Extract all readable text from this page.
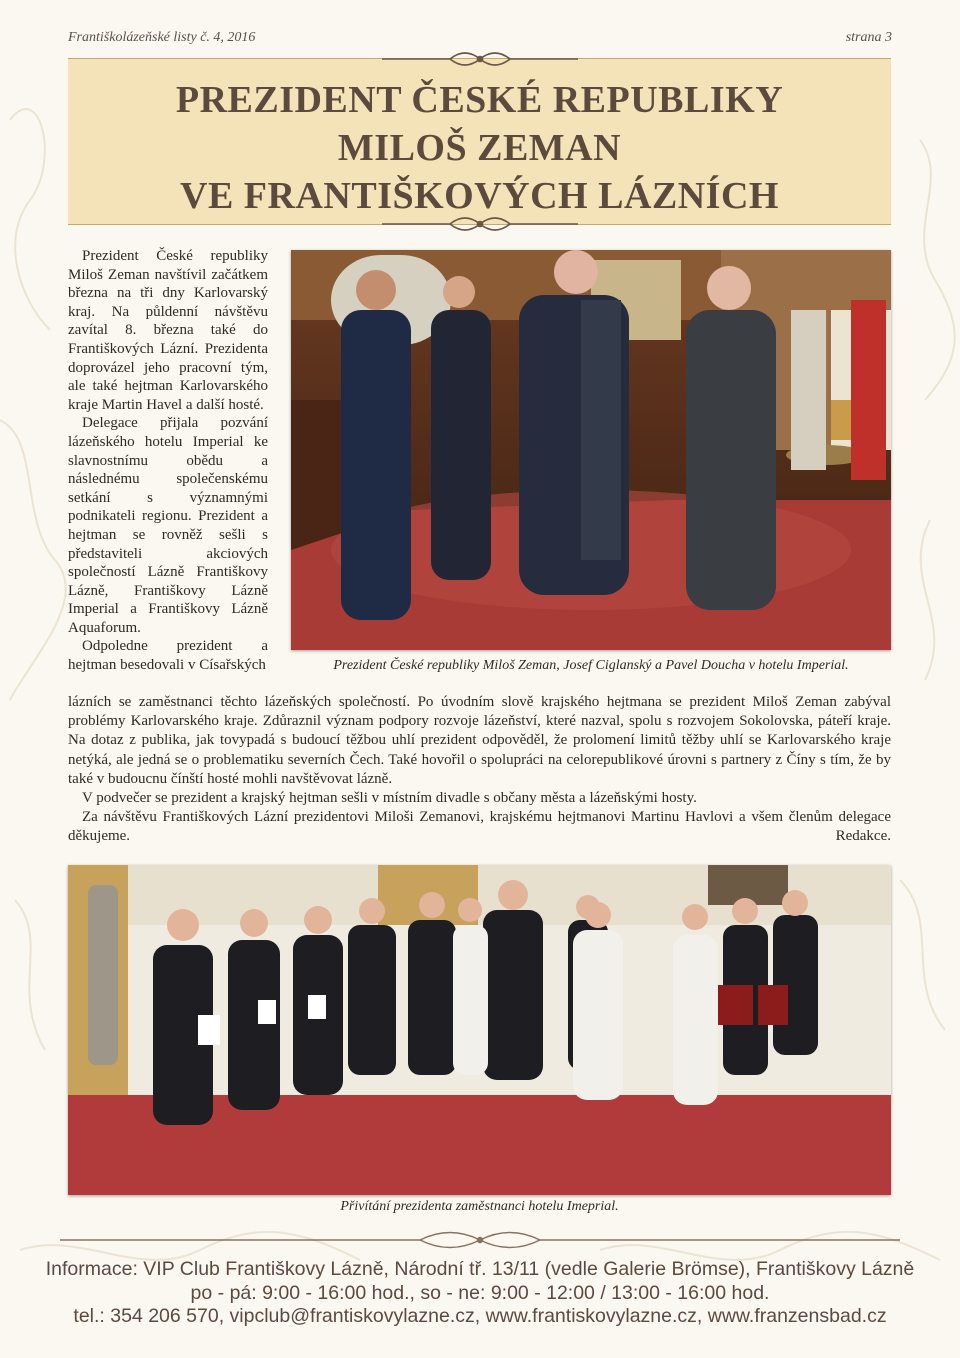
Františkolázeňské listy č. 4, 2016	strana 3
PREZIDENT ČESKÉ REPUBLIKY
MILOŠ ZEMAN
VE FRANTIŠKOVÝCH LÁZNÍCH

Prezident České republiky Miloš Zeman navštívil začátkem března na tři dny Karlovarský kraj. Na půldenní návštěvu zavítal 8. března také do Františkových Lázní. Prezidenta doprovázel jeho pracovní tým, ale také hejtman Karlovarského kraje Martin Havel a další hosté.

Delegace přijala pozvání lázeňského hotelu Imperial ke slavnostnímu obědu a následnému společenskému setkání s významnými podnikateli regionu. Prezident a hejtman se rovněž sešli s představiteli akciových společností Lázně Františkovy Lázně, Františkovy Lázně Imperial a Františkovy Lázně Aquaforum.

Odpoledne prezident a hejtman besedovali v Císařských	Prezident České republiky Miloš Zeman, Josef Ciglanský a Pavel Doucha v hotelu Imperial.

lázních se zaměstnanci těchto lázeňských společností. Po úvodním slově krajského hejtmana se prezident Miloš Zeman zabýval problémy Karlovarského kraje. Zdůraznil význam podpory rozvoje lázeňství, které nazval, spolu s rozvojem Sokolovska, páteří kraje. Na dotaz z publika, jak tovypadá s budoucí těžbou uhlí prezident odpověděl, že prolomení limitů těžby uhlí se Karlovarského kraje netýká, ale jedná se o problematiku severních Čech. Také hovořil o spolupráci na celorepublikové úrovni s partnery z Číny s tím, že by také v budoucnu čínští hosté mohli navštěvovat lázně.

V podvečer se prezident a krajský hejtman sešli v místním divadle s občany města a lázeňskými hosty.

Za návštěvu Františkových Lázní prezidentovi Miloši Zemanovi, krajskému hejtmanovi Martinu Havlovi a všem členům delegace děkujeme.	Redakce.

Přivítání prezidenta zaměstnanci hotelu Imeprial.
Informace: VIP Club Františkovy Lázně, Národní tř. 13/11 (vedle Galerie Brömse), Františkovy Lázně
po - pá: 9:00 - 16:00 hod., so - ne: 9:00 - 12:00 / 13:00 - 16:00 hod.
tel.: 354 206 570, vipclub@frantiskovylazne.cz, www.frantiskovylazne.cz, www.franzensbad.cz
